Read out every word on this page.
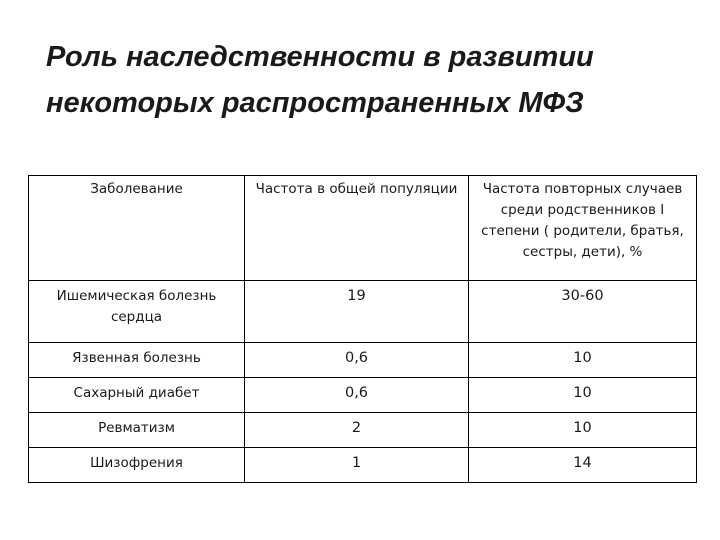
Роль наследственности в развитии
некоторых распространенных МФЗ
Заболевание	Частота в общей популяции	Частота повторных случаев среди родственников I степени ( родители, братья, сестры, дети), %
Ишемическая болезнь сердца	19	30-60
Язвенная болезнь	0,6	10
Сахарный диабет	0,6	10
Ревматизм	2	10
Шизофрения	1	14
